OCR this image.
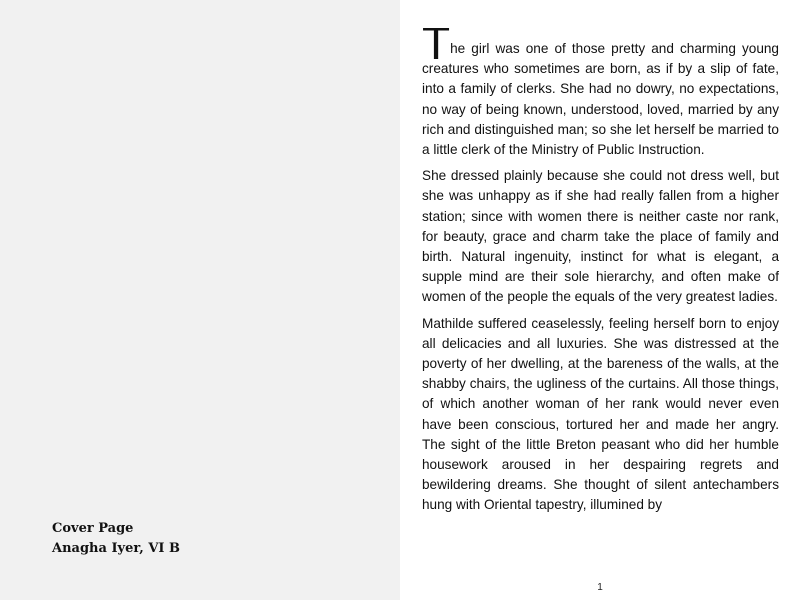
Cover Page
Anagha Iyer, VI B

The girl was one of those pretty and charming young creatures who sometimes are born, as if by a slip of fate, into a family of clerks. She had no dowry, no expectations, no way of being known, understood, loved, married by any rich and distinguished man; so she let herself be married to a little clerk of the Ministry of Public Instruction.

She dressed plainly because she could not dress well, but she was unhappy as if she had really fallen from a higher station; since with women there is neither caste nor rank, for beauty, grace and charm take the place of family and birth. Natural ingenuity, instinct for what is elegant, a supple mind are their sole hierarchy, and often make of women of the people the equals of the very greatest ladies.

Mathilde suffered ceaselessly, feeling herself born to enjoy all delicacies and all luxuries. She was distressed at the poverty of her dwelling, at the bareness of the walls, at the shabby chairs, the ugliness of the curtains. All those things, of which another woman of her rank would never even have been conscious, tortured her and made her angry. The sight of the little Breton peasant who did her humble housework aroused in her despairing regrets and bewildering dreams. She thought of silent antechambers hung with Oriental tapestry, illumined by

1
